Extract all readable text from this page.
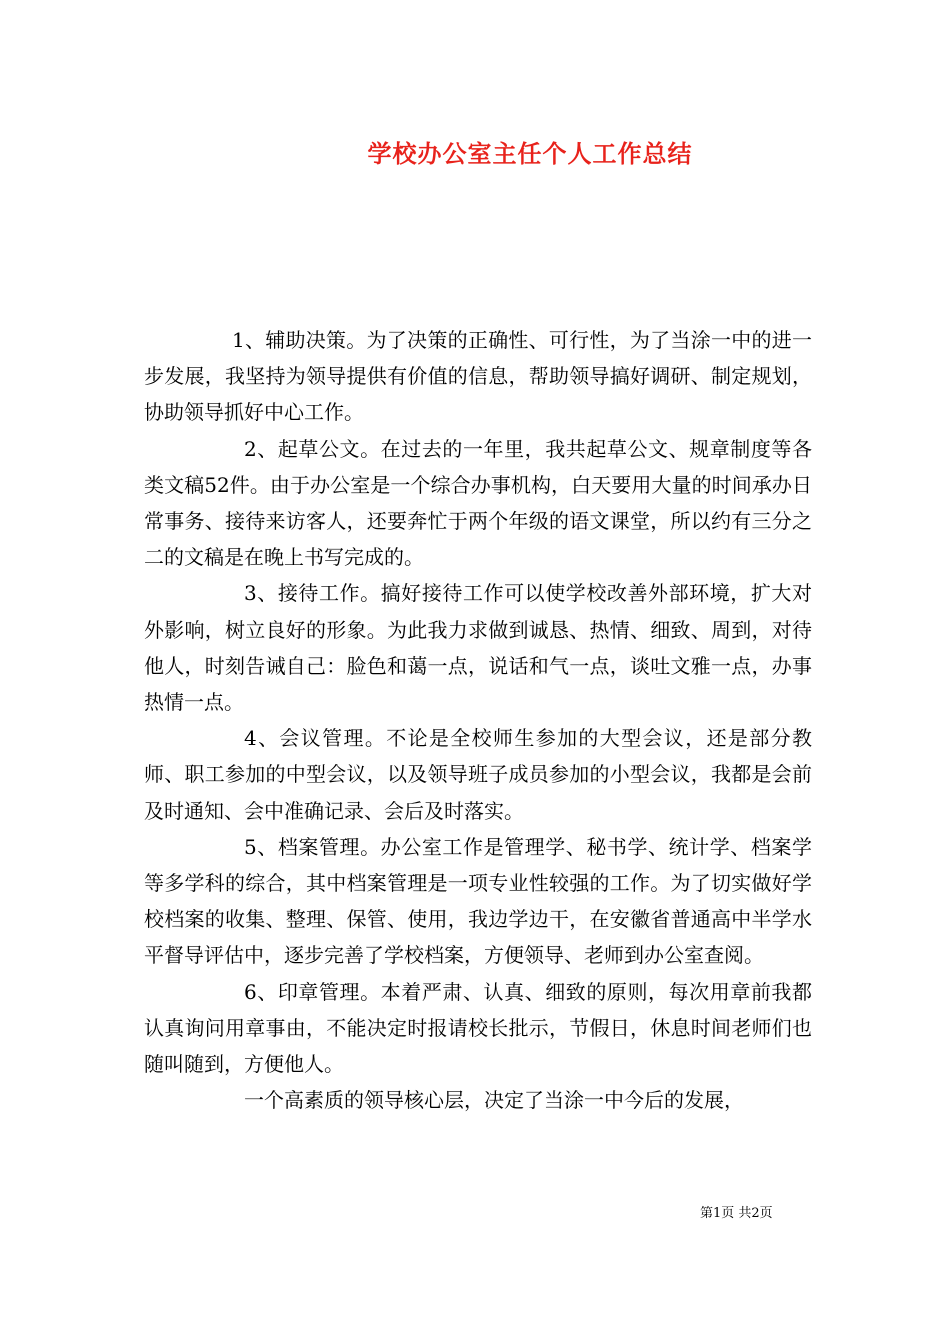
学校办公室主任个人工作总结

1、辅助决策。为了决策的正确性、可行性，为了当涂一中的进一步发展，我坚持为领导提供有价值的信息，帮助领导搞好调研、制定规划，协助领导抓好中心工作。

2、起草公文。在过去的一年里，我共起草公文、规章制度等各类文稿52件。由于办公室是一个综合办事机构，白天要用大量的时间承办日常事务、接待来访客人，还要奔忙于两个年级的语文课堂，所以约有三分之二的文稿是在晚上书写完成的。

3、接待工作。搞好接待工作可以使学校改善外部环境，扩大对外影响，树立良好的形象。为此我力求做到诚恳、热情、细致、周到，对待他人，时刻告诫自己：脸色和蔼一点，说话和气一点，谈吐文雅一点，办事热情一点。

4、会议管理。不论是全校师生参加的大型会议，还是部分教师、职工参加的中型会议，以及领导班子成员参加的小型会议，我都是会前及时通知、会中准确记录、会后及时落实。

5、档案管理。办公室工作是管理学、秘书学、统计学、档案学等多学科的综合，其中档案管理是一项专业性较强的工作。为了切实做好学校档案的收集、整理、保管、使用，我边学边干，在安徽省普通高中半学水平督导评估中，逐步完善了学校档案，方便领导、老师到办公室查阅。

6、印章管理。本着严肃、认真、细致的原则，每次用章前我都认真询问用章事由，不能决定时报请校长批示，节假日，休息时间老师们也随叫随到，方便他人。

一个高素质的领导核心层，决定了当涂一中今后的发展，

第1页 共2页
